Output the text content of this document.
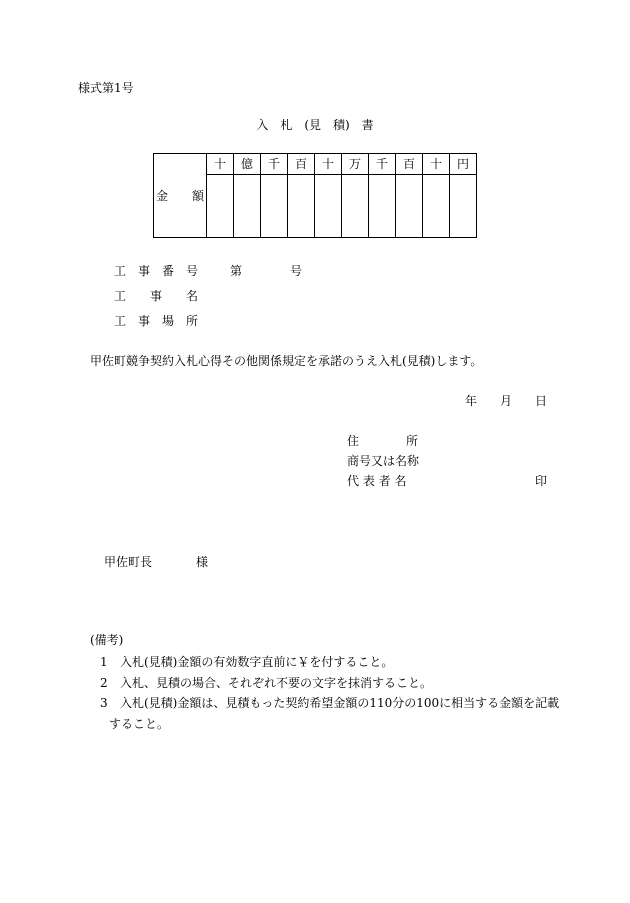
様式第1号
入　札　(見　積)　書
金　　額	十	億	千	百	十	万	千	百	十	円

工　事　番　号	第	号
工　　事　　名
工　事　場　所
甲佐町競争契約入札心得その他関係規定を承諾のうえ入札(見積)します。
年 月 日
住	所
商号又は名称
代 表 者 名	印
甲佐町長	様
(備考)
1 入札(見積)金額の有効数字直前に￥を付すること。
2 入札、見積の場合、それぞれ不要の文字を抹消すること。
3 入札(見積)金額は、見積もった契約希望金額の110分の100に相当する金額を記載
すること。
